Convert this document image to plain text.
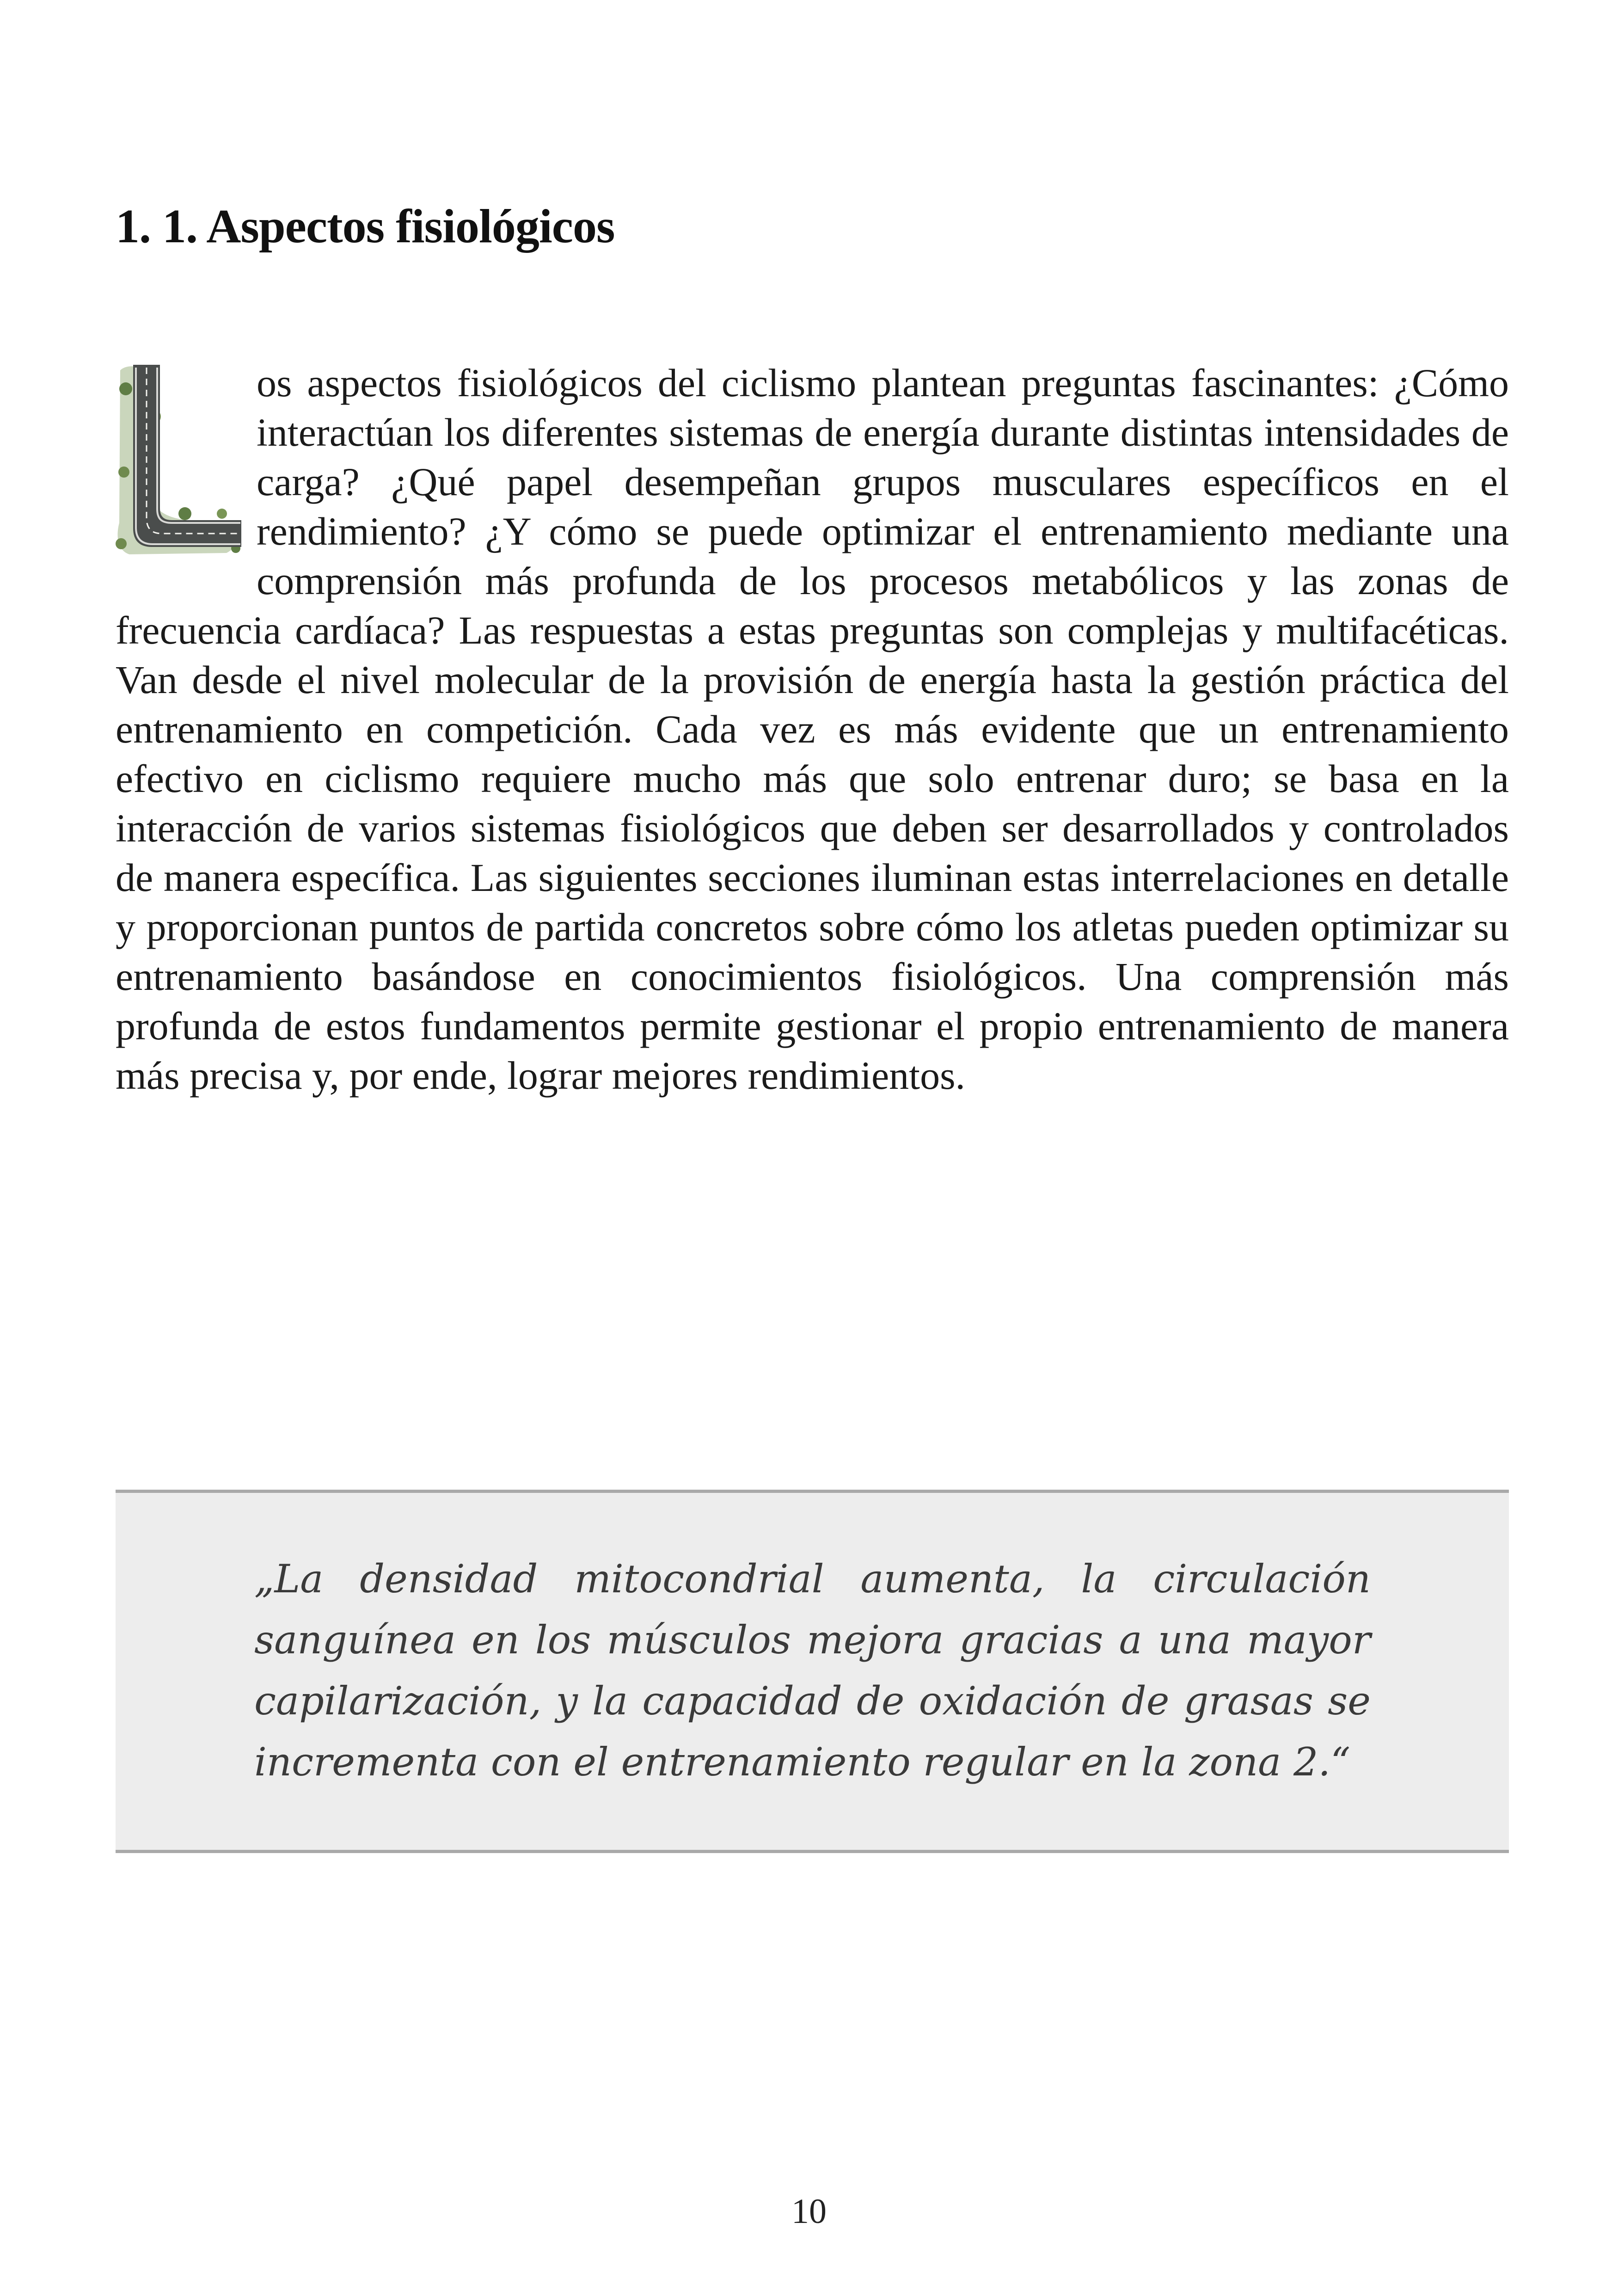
1. 1. Aspectos fisiológicos

os aspectos fisiológicos del ciclismo plantean preguntas fascinantes: ¿Cómo interactúan los diferentes sistemas de energía durante distintas intensidades de carga? ¿Qué papel desempeñan grupos musculares específicos en el rendimiento? ¿Y cómo se puede optimizar el entrenamiento mediante una comprensión más profunda de los procesos metabólicos y las zonas de frecuencia cardíaca? Las respuestas a estas preguntas son complejas y multifacéticas. Van desde el nivel molecular de la provisión de energía hasta la gestión práctica del entrenamiento en competición. Cada vez es más evidente que un entrenamiento efectivo en ciclismo requiere mucho más que solo entrenar duro; se basa en la interacción de varios sistemas fisiológicos que deben ser desarrollados y controlados de manera específica. Las siguientes secciones iluminan estas interrelaciones en detalle y proporcionan puntos de partida concretos sobre cómo los atletas pueden optimizar su entrenamiento basándose en conocimientos fisiológicos. Una comprensión más profunda de estos fundamentos permite gestionar el propio entrenamiento de manera más precisa y, por ende, lograr mejores rendimientos.

„La densidad mitocondrial aumenta, la circulación sanguínea en los músculos mejora gracias a una mayor capilarización, y la capacidad de oxidación de grasas se incrementa con el entrenamiento regular en la zona 2.“

10
